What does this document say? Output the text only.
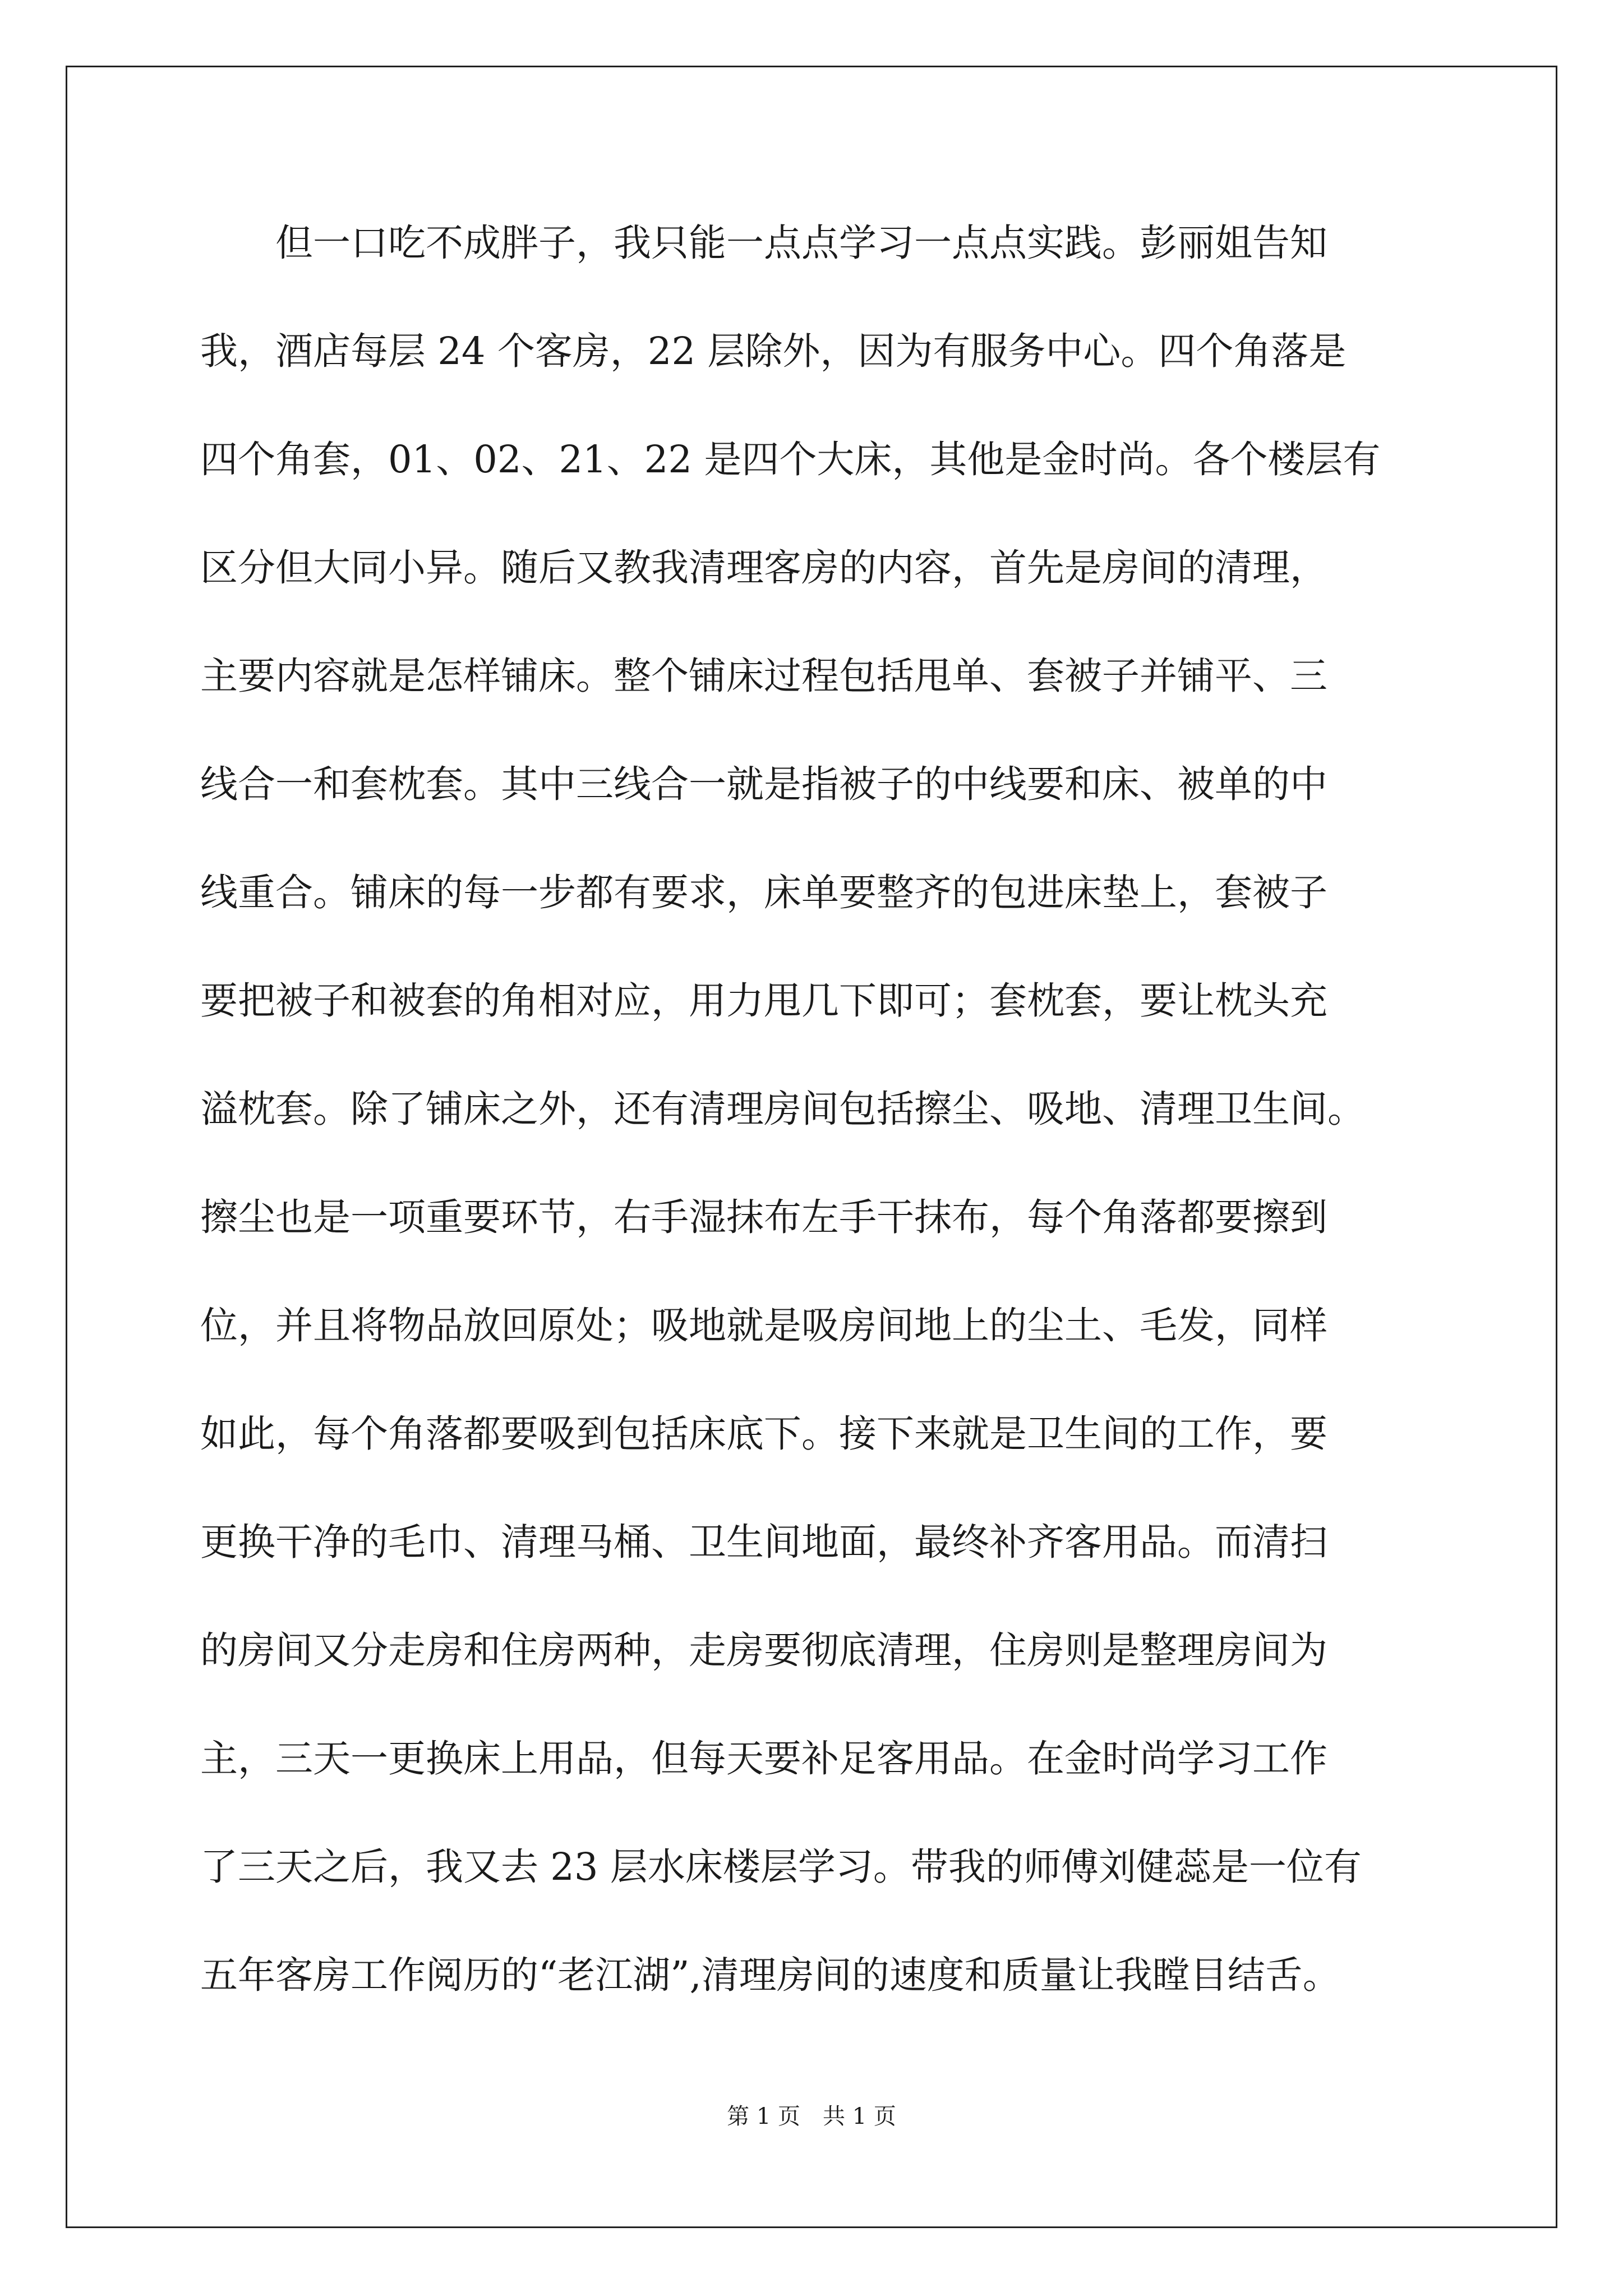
但一口吃不成胖子，我只能一点点学习一点点实践。彭丽姐告知
我，酒店每层 24 个客房，22 层除外，因为有服务中心。四个角落是
四个角套，01、02、21、22 是四个大床，其他是金时尚。各个楼层有
区分但大同小异。随后又教我清理客房的内容，首先是房间的清理，
主要内容就是怎样铺床。整个铺床过程包括甩单、套被子并铺平、三
线合一和套枕套。其中三线合一就是指被子的中线要和床、被单的中
线重合。铺床的每一步都有要求，床单要整齐的包进床垫上，套被子
要把被子和被套的角相对应，用力甩几下即可；套枕套，要让枕头充
溢枕套。除了铺床之外，还有清理房间包括擦尘、吸地、清理卫生间。
擦尘也是一项重要环节，右手湿抹布左手干抹布，每个角落都要擦到
位，并且将物品放回原处；吸地就是吸房间地上的尘土、毛发，同样
如此，每个角落都要吸到包括床底下。接下来就是卫生间的工作，要
更换干净的毛巾、清理马桶、卫生间地面，最终补齐客用品。而清扫
的房间又分走房和住房两种，走房要彻底清理，住房则是整理房间为
主，三天一更换床上用品，但每天要补足客用品。在金时尚学习工作
了三天之后，我又去 23 层水床楼层学习。带我的师傅刘健蕊是一位有
五年客房工作阅历的“老江湖”,清理房间的速度和质量让我瞠目结舌。
第 1 页　共 1 页
